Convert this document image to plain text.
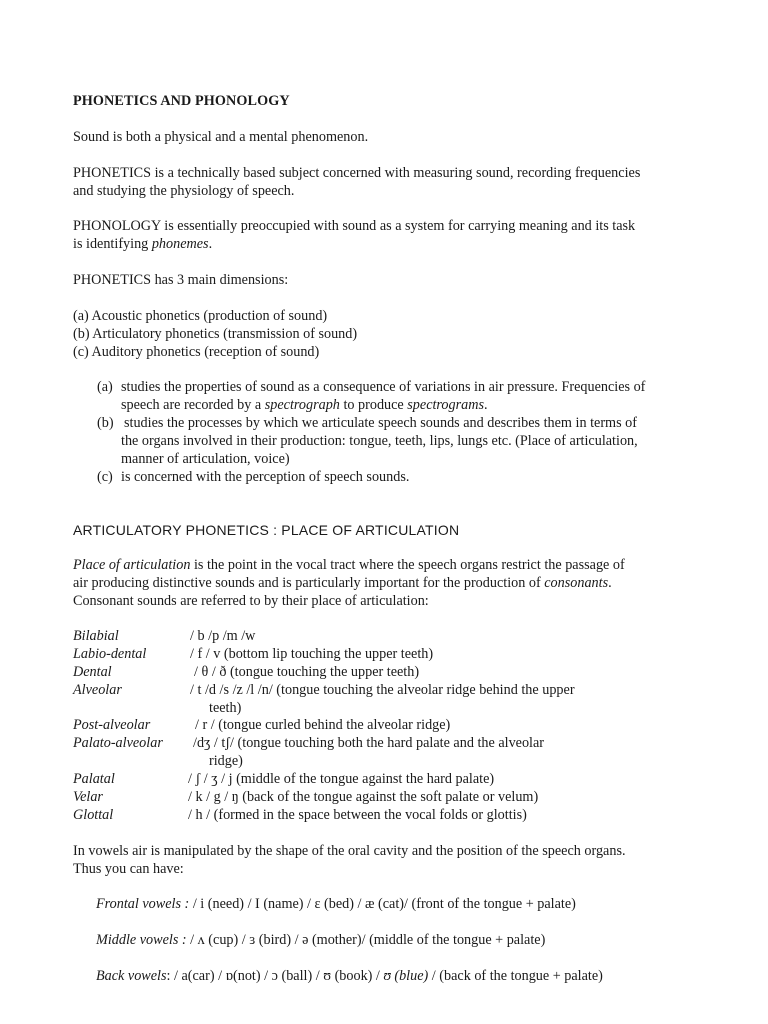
PHONETICS AND PHONOLOGY
Sound is both a physical and a mental phenomenon.
PHONETICS is a technically based subject concerned with measuring sound, recording frequencies
and studying the physiology of speech.
PHONOLOGY is essentially preoccupied with sound as a system for carrying meaning and its task
is identifying phonemes.
PHONETICS has 3 main dimensions:
(a) Acoustic phonetics (production of sound)
(b) Articulatory phonetics (transmission of sound)
(c) Auditory phonetics (reception of sound)
(a) studies the properties of sound as a consequence of variations in air pressure. Frequencies of
speech are recorded by a spectrograph to produce spectrograms.
(b) studies the processes by which we articulate speech sounds and describes them in terms of
the organs involved in their production: tongue, teeth, lips, lungs etc. (Place of articulation,
manner of articulation, voice)
(c) is concerned with the perception of speech sounds.
ARTICULATORY PHONETICS : PLACE OF ARTICULATION
Place of articulation is the point in the vocal tract where the speech organs restrict the passage of
air producing distinctive sounds and is particularly important for the production of consonants.
Consonant sounds are referred to by their place of articulation:
Bilabial	/ b /p /m /w
Labio-dental	/ f / v (bottom lip touching the upper teeth)
Dental	/ θ / ð (tongue touching the upper teeth)
Alveolar	/ t /d /s /z /l /n/ (tongue touching the alveolar ridge behind the upper
teeth)
Post-alveolar	/ r / (tongue curled behind the alveolar ridge)
Palato-alveolar /dʒ / tʃ/ (tongue touching both the hard palate and the alveolar
ridge)
Palatal	/ ʃ / ʒ / j (middle of the tongue against the hard palate)
Velar	/ k / g / ŋ (back of the tongue against the soft palate or velum)
Glottal	/ h / (formed in the space between the vocal folds or glottis)
In vowels air is manipulated by the shape of the oral cavity and the position of the speech organs.
Thus you can have:
Frontal vowels : / i (need) / I (name) / ɛ (bed) / æ (cat)/ (front of the tongue + palate)
Middle vowels : / ʌ (cup) / ɜ (bird) / ə (mother)/ (middle of the tongue + palate)
Back vowels: / a(car) / ɒ(not) / ɔ (ball) / ʊ (book) / ʊ (blue) / (back of the tongue + palate)
